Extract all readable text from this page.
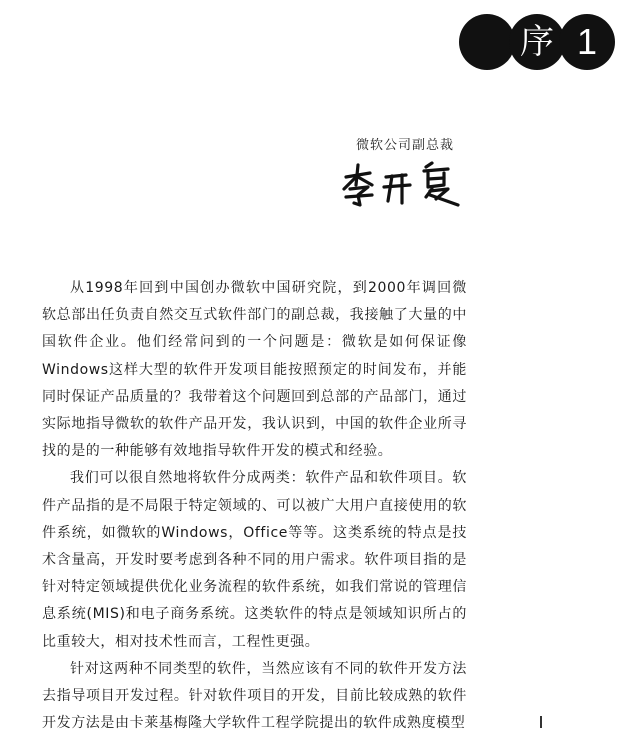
序 1
微软公司副总裁

从1998年回到中国创办微软中国研究院，到2000年调回微软总部出任负责自然交互式软件部门的副总裁，我接触了大量的中国软件企业。他们经常问到的一个问题是：微软是如何保证像Windows这样大型的软件开发项目能按照预定的时间发布，并能同时保证产品质量的？我带着这个问题回到总部的产品部门，通过实际地指导微软的软件产品开发，我认识到，中国的软件企业所寻找的是的一种能够有效地指导软件开发的模式和经验。

我们可以很自然地将软件分成两类：软件产品和软件项目。软件产品指的是不局限于特定领域的、可以被广大用户直接使用的软件系统，如微软的Windows，Office等等。这类系统的特点是技术含量高，开发时要考虑到各种不同的用户需求。软件项目指的是针对特定领域提供优化业务流程的软件系统，如我们常说的管理信息系统(MIS)和电子商务系统。这类软件的特点是领域知识所占的比重较大，相对技术性而言，工程性更强。

针对这两种不同类型的软件，当然应该有不同的软件开发方法去指导项目开发过程。针对软件项目的开发，目前比较成熟的软件开发方法是由卡莱基梅隆大学软件工程学院提出的软件成熟度模型
